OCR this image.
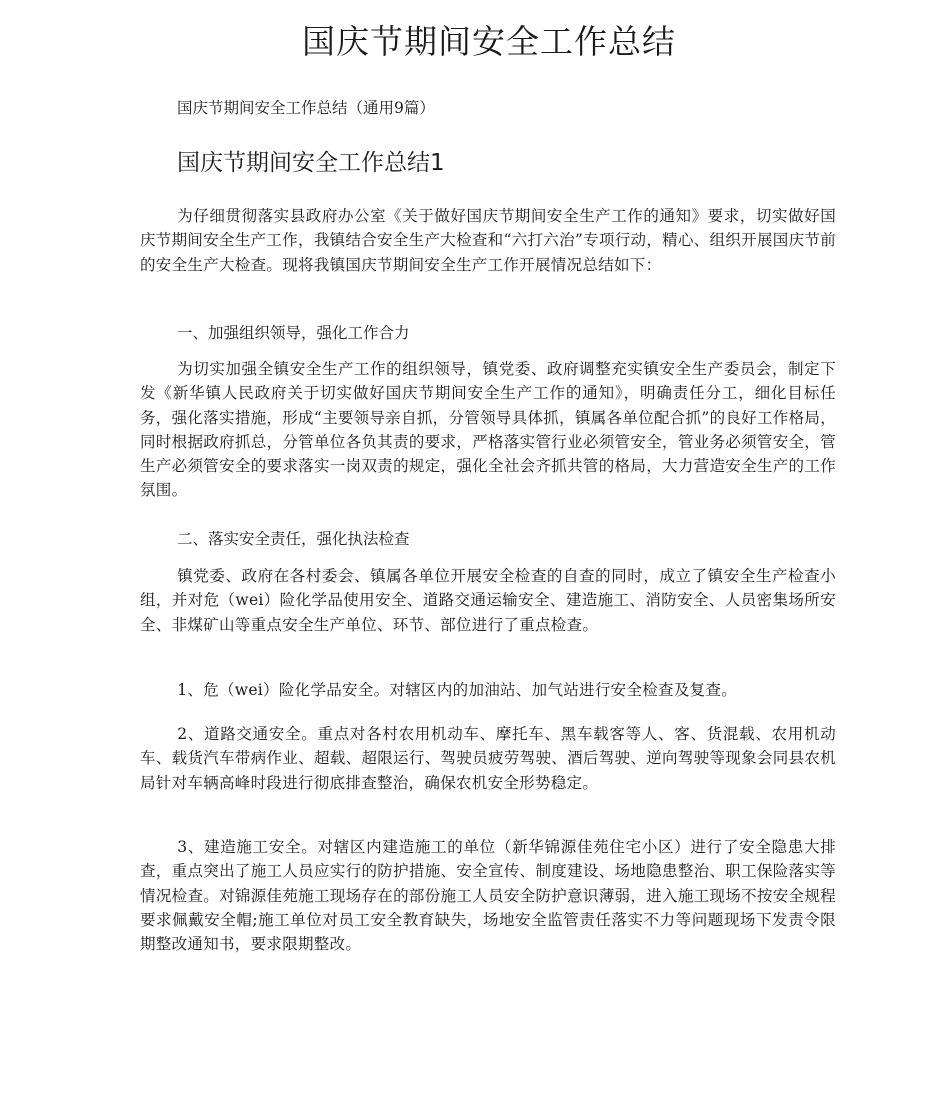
国庆节期间安全工作总结

国庆节期间安全工作总结（通用9篇）

国庆节期间安全工作总结1

为仔细贯彻落实县政府办公室《关于做好国庆节期间安全生产工作的通知》要求，切实做好国庆节期间安全生产工作，我镇结合安全生产大检查和“六打六治”专项行动，精心、组织开展国庆节前的安全生产大检查。现将我镇国庆节期间安全生产工作开展情况总结如下：

一、加强组织领导，强化工作合力

为切实加强全镇安全生产工作的组织领导，镇党委、政府调整充实镇安全生产委员会，制定下发《新华镇人民政府关于切实做好国庆节期间安全生产工作的通知》，明确责任分工，细化目标任务，强化落实措施，形成“主要领导亲自抓，分管领导具体抓，镇属各单位配合抓”的良好工作格局，同时根据政府抓总，分管单位各负其责的要求，严格落实管行业必须管安全，管业务必须管安全，管生产必须管安全的要求落实一岗双责的规定，强化全社会齐抓共管的格局，大力营造安全生产的工作氛围。

二、落实安全责任，强化执法检查

镇党委、政府在各村委会、镇属各单位开展安全检查的自查的同时，成立了镇安全生产检查小组，并对危（wei）险化学品使用安全、道路交通运输安全、建造施工、消防安全、人员密集场所安全、非煤矿山等重点安全生产单位、环节、部位进行了重点检查。

1、危（wei）险化学品安全。对辖区内的加油站、加气站进行安全检查及复查。

2、道路交通安全。重点对各村农用机动车、摩托车、黑车载客等人、客、货混载、农用机动车、载货汽车带病作业、超载、超限运行、驾驶员疲劳驾驶、酒后驾驶、逆向驾驶等现象会同县农机局针对车辆高峰时段进行彻底排查整治，确保农机安全形势稳定。

3、建造施工安全。对辖区内建造施工的单位（新华锦源佳苑住宅小区）进行了安全隐患大排查，重点突出了施工人员应实行的防护措施、安全宣传、制度建设、场地隐患整治、职工保险落实等情况检查。对锦源佳苑施工现场存在的部份施工人员安全防护意识薄弱，进入施工现场不按安全规程要求佩戴安全帽;施工单位对员工安全教育缺失，场地安全监管责任落实不力等问题现场下发责令限期整改通知书，要求限期整改。
